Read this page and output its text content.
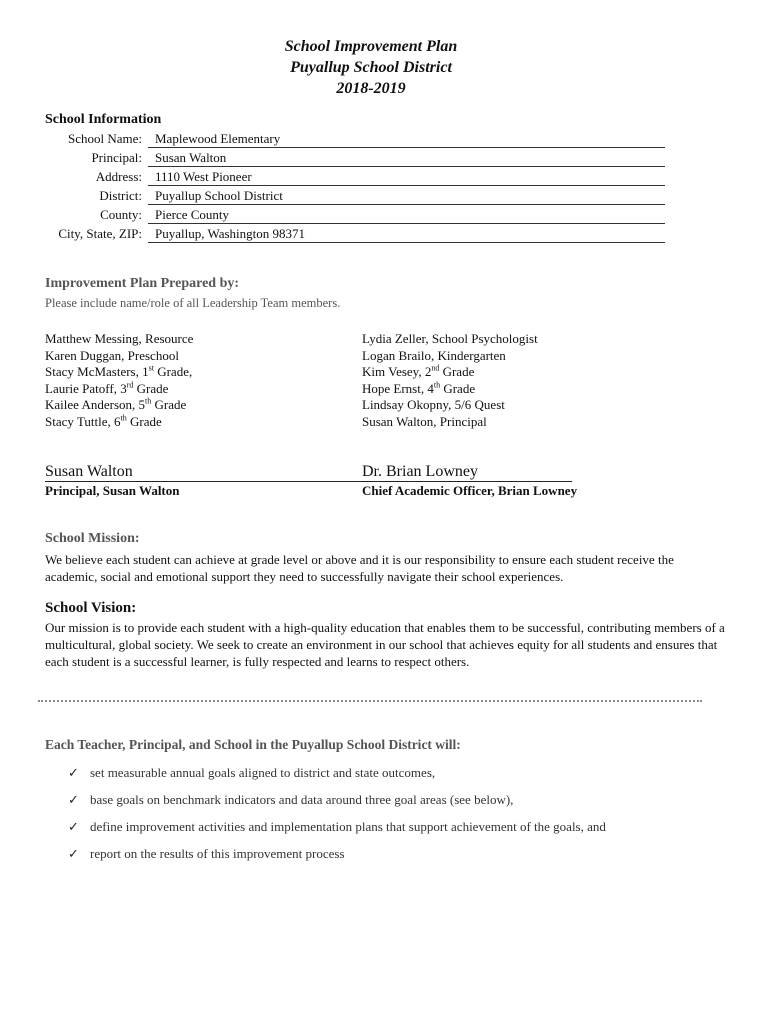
School Improvement Plan
Puyallup School District
2018-2019
School Information
School Name:	Maplewood Elementary
Principal:	Susan Walton
Address:	1110 West Pioneer
District:	Puyallup School District
County:	Pierce County
City, State, ZIP:	Puyallup, Washington 98371
Improvement Plan Prepared by:
Please include name/role of all Leadership Team members.
Matthew Messing, Resource
Karen Duggan, Preschool
Stacy McMasters, 1st Grade,
Laurie Patoff, 3rd Grade
Kailee Anderson, 5th Grade
Stacy Tuttle, 6th Grade
Lydia Zeller, School Psychologist
Logan Brailo, Kindergarten
Kim Vesey, 2nd Grade
Hope Ernst, 4th Grade
Lindsay Okopny, 5/6 Quest
Susan Walton, Principal
Susan Walton
Principal, Susan Walton
Dr. Brian Lowney
Chief Academic Officer, Brian Lowney
School Mission:
We believe each student can achieve at grade level or above and it is our responsibility to ensure each student receive the academic, social and emotional support they need to successfully navigate their school experiences.
School Vision:
Our mission is to provide each student with a high-quality education that enables them to be successful, contributing members of a multicultural, global society. We seek to create an environment in our school that achieves equity for all students and ensures that each student is a successful learner, is fully respected and learns to respect others.
Each Teacher, Principal, and School in the Puyallup School District will:
✓ set measurable annual goals aligned to district and state outcomes,
✓ base goals on benchmark indicators and data around three goal areas (see below),
✓ define improvement activities and implementation plans that support achievement of the goals, and
✓ report on the results of this improvement process
